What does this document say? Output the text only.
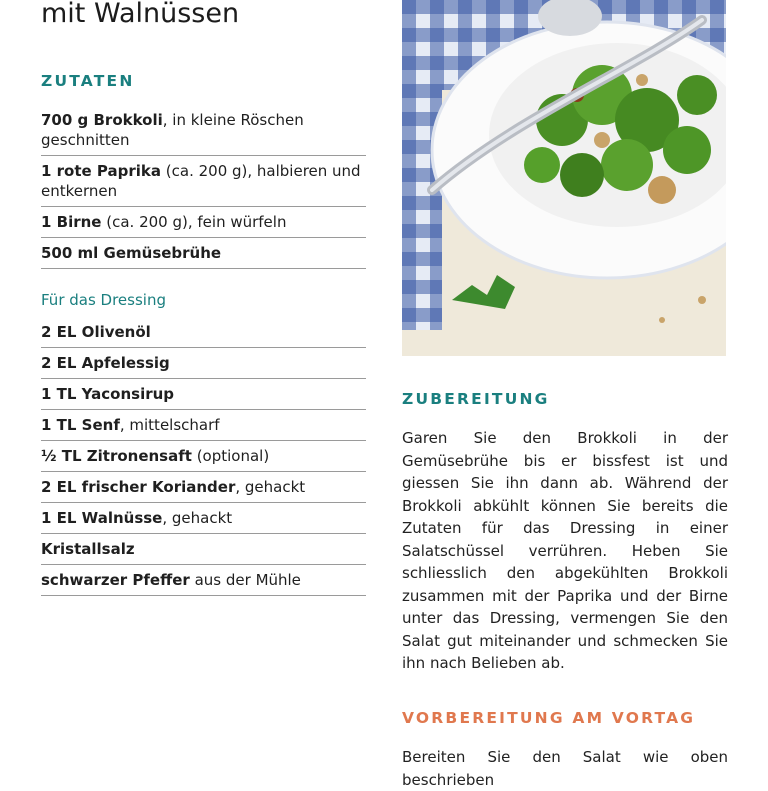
mit Walnüssen
ZUTATEN
700 g Brokkoli, in kleine Röschen geschnitten
1 rote Paprika (ca. 200 g), halbieren und entkernen
1 Birne (ca. 200 g), fein würfeln
500 ml Gemüsebrühe
Für das Dressing
2 EL Olivenöl
2 EL Apfelessig
1 TL Yaconsirup
1 TL Senf, mittelscharf
½ TL Zitronensaft (optional)
2 EL frischer Koriander, gehackt
1 EL Walnüsse, gehackt
Kristallsalz
schwarzer Pfeffer aus der Mühle
ZUBEREITUNG
Garen Sie den Brokkoli in der Gemüsebrühe bis er bissfest ist und giessen Sie ihn dann ab. Während der Brokkoli abkühlt können Sie bereits die Zutaten für das Dressing in einer Salatschüssel verrühren. Heben Sie schliesslich den abgekühlten Brokkoli zusammen mit der Paprika und der Birne unter das Dressing, vermengen Sie den Salat gut miteinander und schmecken Sie ihn nach Belieben ab.
VORBEREITUNG AM VORTAG
Bereiten Sie den Salat wie oben beschrieben
